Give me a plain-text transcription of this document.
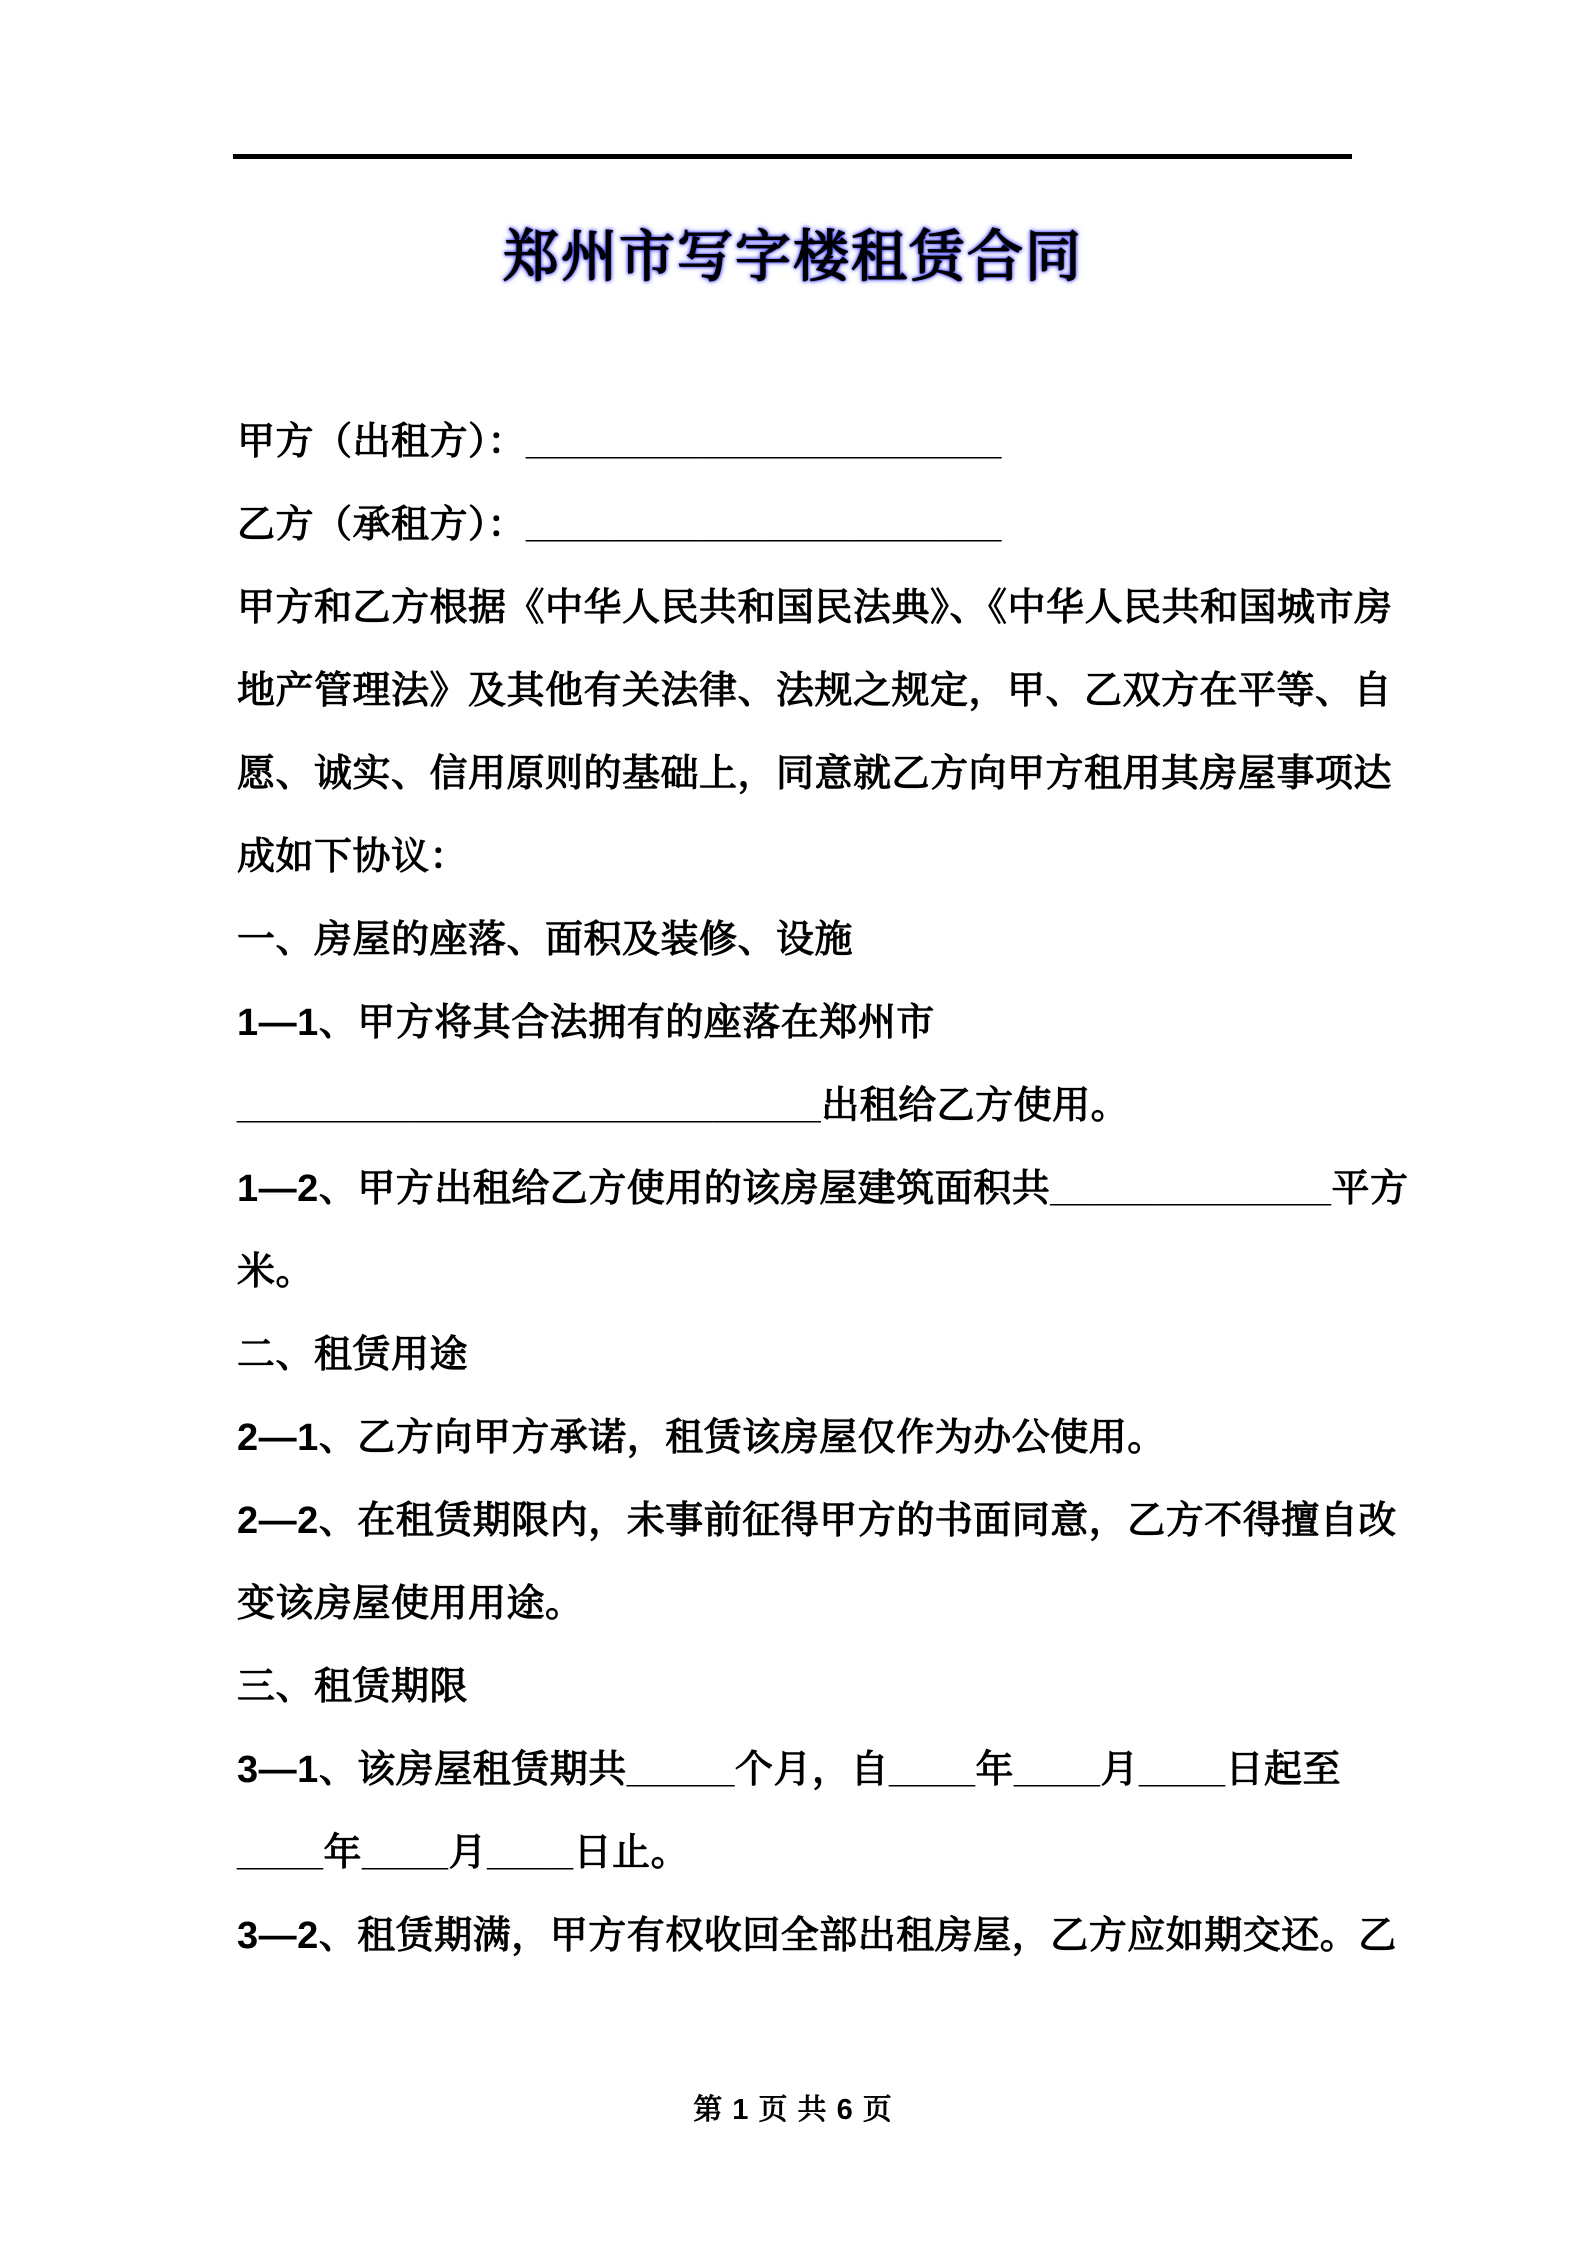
郑州市写字楼租赁合同
甲方（出租方）：______________________
乙方（承租方）：______________________
甲方和乙方根据《中华人民共和国民法典》、《中华人民共和国城市房
地产管理法》及其他有关法律、法规之规定，甲、乙双方在平等、自
愿、诚实、信用原则的基础上，同意就乙方向甲方租用其房屋事项达
成如下协议：
一、房屋的座落、面积及装修、设施
1—1、甲方将其合法拥有的座落在郑州市
___________________________出租给乙方使用。
1—2、甲方出租给乙方使用的该房屋建筑面积共_____________平方
米。
二、租赁用途
2—1、乙方向甲方承诺，租赁该房屋仅作为办公使用。
2—2、在租赁期限内，未事前征得甲方的书面同意，乙方不得擅自改
变该房屋使用用途。
三、租赁期限
3—1、该房屋租赁期共_____个月，自____年____月____日起至
____年____月____日止。
3—2、租赁期满，甲方有权收回全部出租房屋，乙方应如期交还。乙
第 1 页 共 6 页
